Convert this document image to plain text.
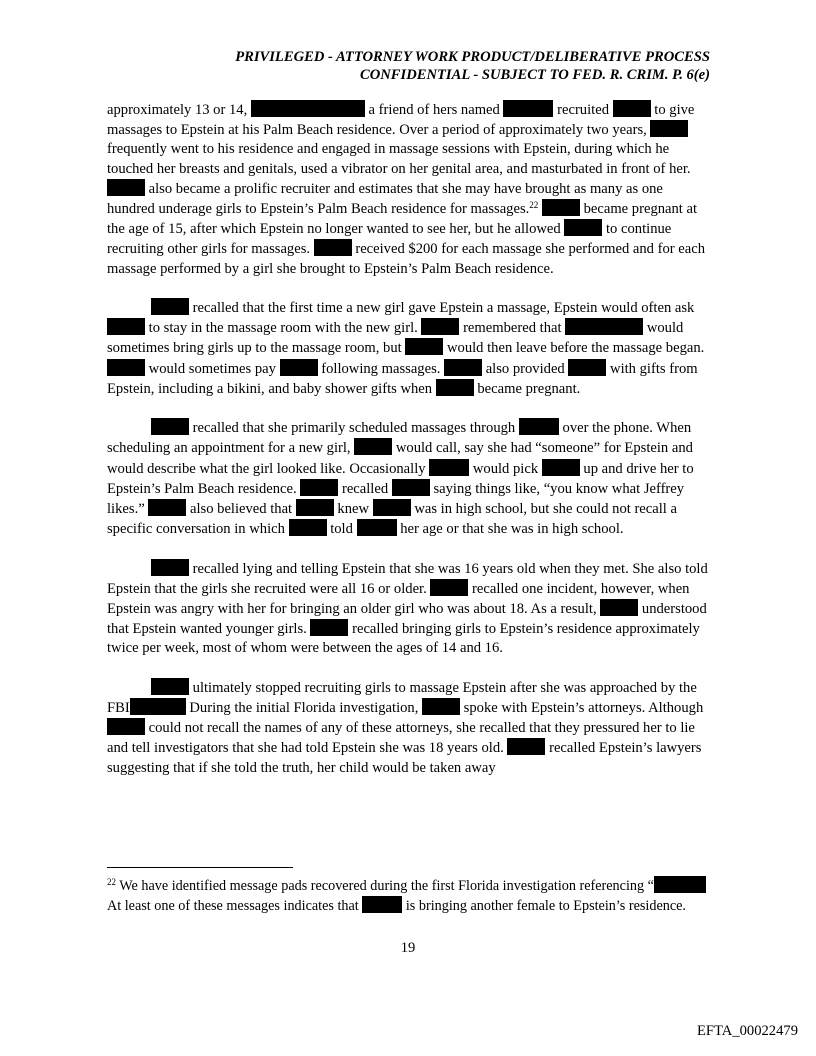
PRIVILEGED - ATTORNEY WORK PRODUCT/DELIBERATIVE PROCESS
CONFIDENTIAL - SUBJECT TO FED. R. CRIM. P. 6(e)

approximately 13 or 14,	a friend of hers named	recruited	to give massages to Epstein at his Palm Beach residence. Over a period of approximately two years,  frequently went to his residence and engaged in massage sessions with Epstein, during which he touched her breasts and genitals, used a vibrator on her genital area, and masturbated in front of her.  also became a prolific recruiter and estimates that she may have brought as many as one hundred underage girls to Epstein’s Palm Beach residence for massages.$^{22}$	became pregnant at the age of 15, after which Epstein no longer wanted to see her, but he allowed	to continue recruiting other girls for massages.	received $200 for each massage she performed and for each massage performed by a girl she brought to Epstein’s Palm Beach residence.

recalled that the first time a new girl gave Epstein a massage, Epstein would often ask  to stay in the massage room with the new girl.	remembered that	would sometimes bring girls up to the massage room, but	would then leave before the massage began.  would sometimes pay	following massages.	also provided	with gifts from Epstein, including a bikini, and baby shower gifts when	became pregnant.

recalled that she primarily scheduled massages through	over the phone. When scheduling an appointment for a new girl,	would call, say she had “someone” for Epstein and would describe what the girl looked like. Occasionally	would pick	up and drive her to Epstein’s Palm Beach residence.	recalled	saying things like, “you know what Jeffrey likes.”	also believed that	knew	was in high school, but she could not recall a specific conversation in which	told	her age or that she was in high school.

recalled lying and telling Epstein that she was 16 years old when they met. She also told Epstein that the girls she recruited were all 16 or older.	recalled one incident, however, when Epstein was angry with her for bringing an older girl who was about 18. As a result,	understood that Epstein wanted younger girls.	recalled bringing girls to Epstein’s residence approximately twice per week, most of whom were between the ages of 14 and 16.

ultimately stopped recruiting girls to massage Epstein after she was approached by the FBI	During the initial Florida investigation,	spoke with Epstein’s attorneys. Although  could not recall the names of any of these attorneys, she recalled that they pressured her to lie and tell investigators that she had told Epstein she was 18 years old.	recalled Epstein’s lawyers suggesting that if she told the truth, her child would be taken away

$^{22}$ We have identified message pads recovered during the first Florida investigation referencing “ At least one of these messages indicates that	is bringing another female to Epstein’s residence.
19
EFTA_00022479
